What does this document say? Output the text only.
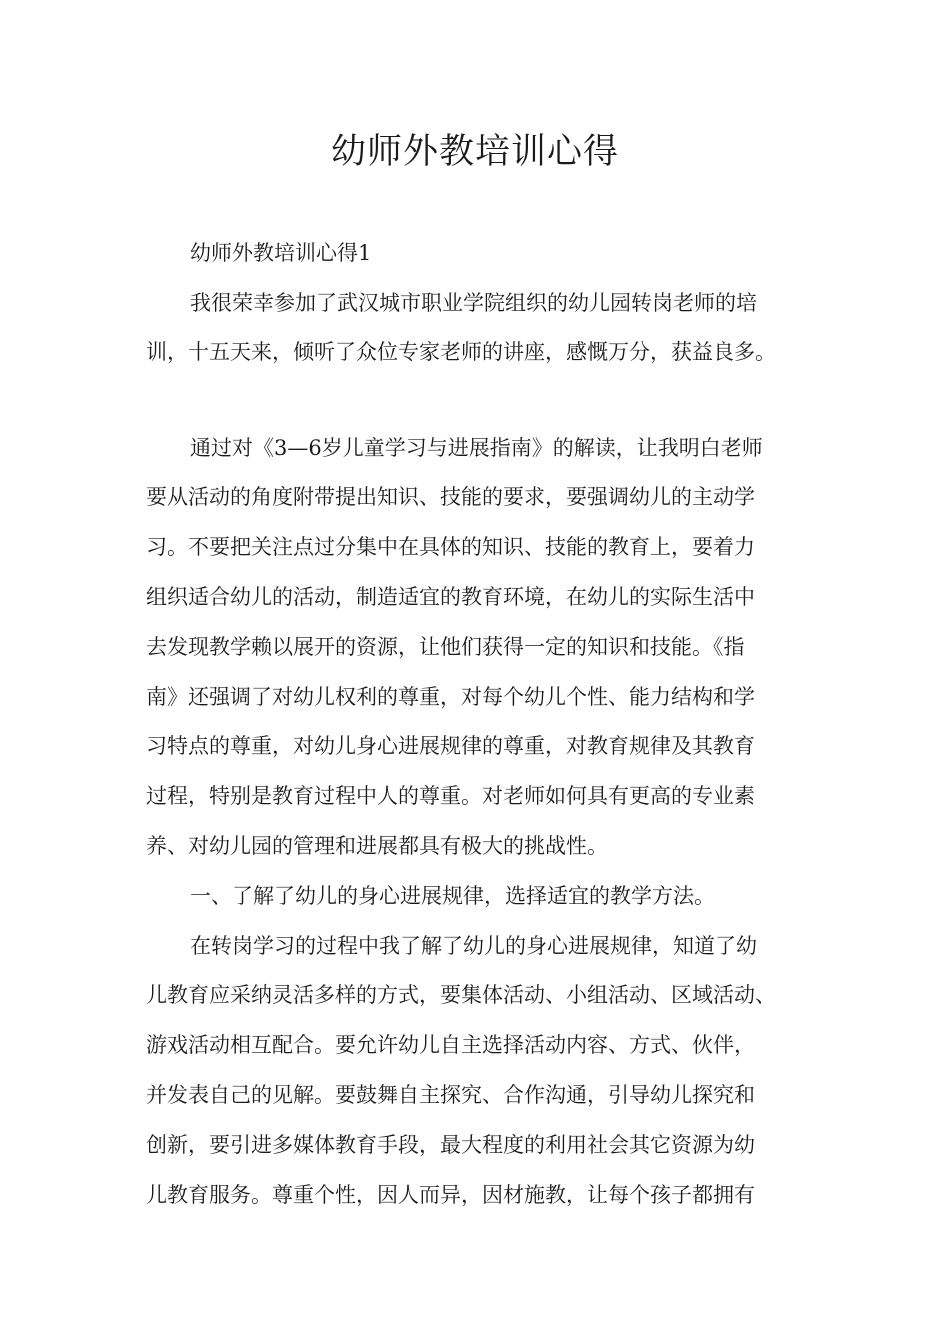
幼师外教培训心得

幼师外教培训心得1

我很荣幸参加了武汉城市职业学院组织的幼儿园转岗老师的培

训，十五天来，倾听了众位专家老师的讲座，感慨万分，获益良多。

通过对《3—6岁儿童学习与进展指南》的解读，让我明白老师

要从活动的角度附带提出知识、技能的要求，要强调幼儿的主动学

习。不要把关注点过分集中在具体的知识、技能的教育上，要着力

组织适合幼儿的活动，制造适宜的教育环境，在幼儿的实际生活中

去发现教学赖以展开的资源，让他们获得一定的知识和技能。《指

南》还强调了对幼儿权利的尊重，对每个幼儿个性、能力结构和学

习特点的尊重，对幼儿身心进展规律的尊重，对教育规律及其教育

过程，特别是教育过程中人的尊重。对老师如何具有更高的专业素

养、对幼儿园的管理和进展都具有极大的挑战性。

一、了解了幼儿的身心进展规律，选择适宜的教学方法。

在转岗学习的过程中我了解了幼儿的身心进展规律，知道了幼

儿教育应采纳灵活多样的方式，要集体活动、小组活动、区域活动、

游戏活动相互配合。要允许幼儿自主选择活动内容、方式、伙伴，

并发表自己的见解。要鼓舞自主探究、合作沟通，引导幼儿探究和

创新，要引进多媒体教育手段，最大程度的利用社会其它资源为幼

儿教育服务。尊重个性，因人而异，因材施教，让每个孩子都拥有
